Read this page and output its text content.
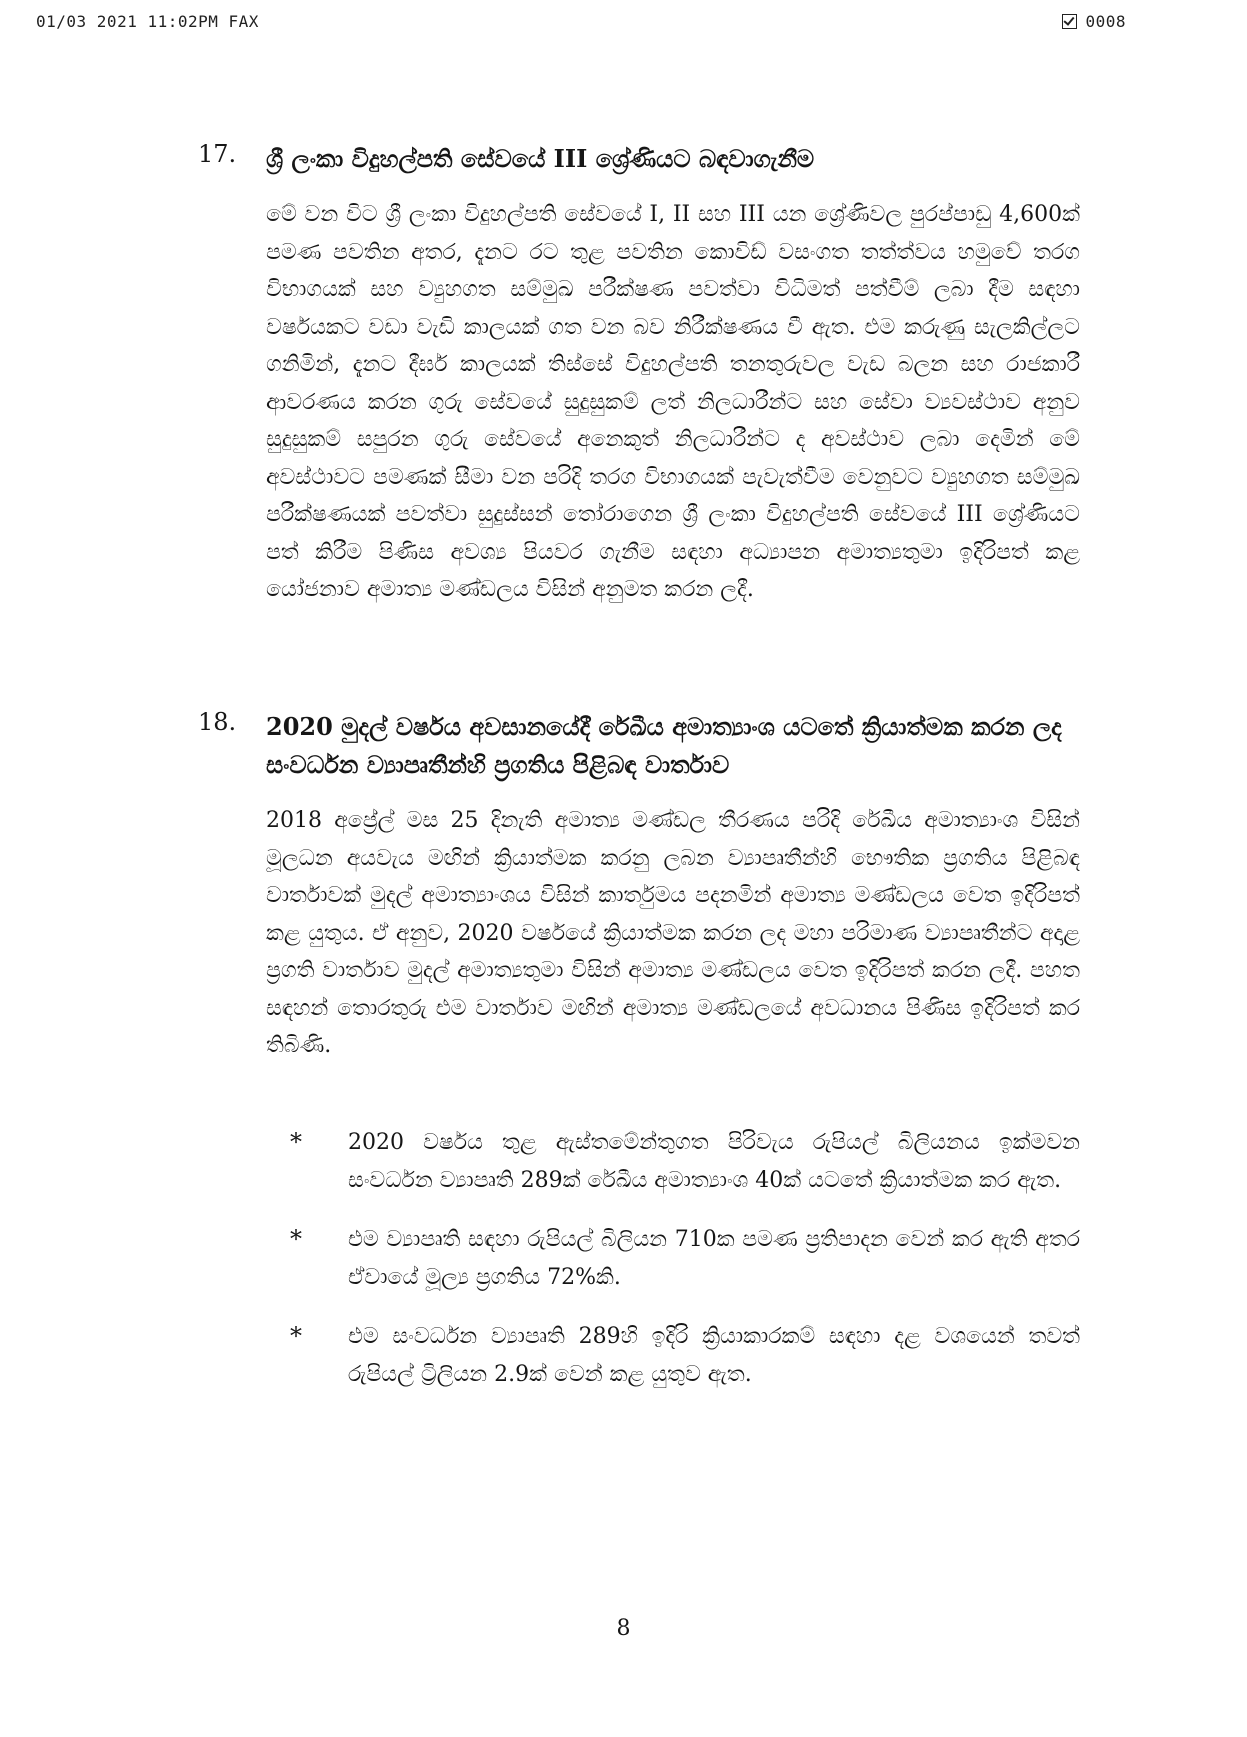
01/03 2021 11:02PM FAX	0008
17. ශ්‍රී ලංකා විදුහල්පති සේවයේ III ශ්‍රේණියට බඳවාගැනීම
මේ වන විට ශ්‍රී ලංකා විදුහල්පති සේවයේ I, II සහ III යන ශ්‍රේණිවල පුරප්පාඩු 4,600ක් පමණ පවතින අතර, දැනට රට තුළ පවතින කොවිඩ් වසංගත තත්ත්වය හමුවේ තරග විභාගයක් සහ ව්‍යුහගත සම්මුඛ පරීක්ෂණ පවත්වා විධිමත් පත්වීම් ලබා දීම සඳහා වර්ෂයකට වඩා වැඩි කාලයක් ගත වන බව නිරීක්ෂණය වී ඇත. එම කරුණු සැලකිල්ලට ගනිමින්, දැනට දීර්ඝ කාලයක් තිස්සේ විදුහල්පති තනතුරුවල වැඩ බලන සහ රාජකාරී ආවරණය කරන ගුරු සේවයේ සුදුසුකම් ලත් නිලධාරීන්ට සහ සේවා ව්‍යවස්ථාව අනුව සුදුසුකම් සපුරන ගුරු සේවයේ අනෙකුත් නිලධාරීන්ට ද අවස්ථාව ලබා දෙමින් මේ අවස්ථාවට පමණක් සීමා වන පරිදි තරග විභාගයක් පැවැත්වීම වෙනුවට ව්‍යුහගත සම්මුඛ පරීක්ෂණයක් පවත්වා සුදුස්සන් තෝරාගෙන ශ්‍රී ලංකා විදුහල්පති සේවයේ III ශ්‍රේණියට පත් කිරීම පිණිස අවශ්‍ය පියවර ගැනීම සඳහා අධ්‍යාපන අමාත්‍යතුමා ඉදිරිපත් කළ යෝජනාව අමාත්‍ය මණ්ඩලය විසින් අනුමත කරන ලදී.
18. 2020 මුදල් වර්ෂය අවසානයේදී රේඛීය අමාත්‍යාංශ යටතේ ක්‍රියාත්මක කරන ලද සංවර්ධන ව්‍යාපෘතීන්හි ප්‍රගතිය පිළිබඳ වාර්තාව
2018 අප්‍රේල් මස 25 දිනැති අමාත්‍ය මණ්ඩල තීරණය පරිදි රේඛීය අමාත්‍යාංශ විසින් මූලධන අයවැය මඟින් ක්‍රියාත්මක කරනු ලබන ව්‍යාපෘතීන්හි භෞතික ප්‍රගතිය පිළිබඳ වාර්තාවක් මුදල් අමාත්‍යාංශය විසින් කාර්තුමය පදනමින් අමාත්‍ය මණ්ඩලය වෙත ඉදිරිපත් කළ යුතුය. ඒ අනුව, 2020 වර්ෂයේ ක්‍රියාත්මක කරන ලද මහා පරිමාණ ව්‍යාපෘතීන්ට අදාළ ප්‍රගති වාර්තාව මුදල් අමාත්‍යතුමා විසින් අමාත්‍ය මණ්ඩලය වෙත ඉදිරිපත් කරන ලදී. පහත සඳහන් තොරතුරු එම වාර්තාව මඟින් අමාත්‍ය මණ්ඩලයේ අවධානය පිණිස ඉදිරිපත් කර තිබිණි.
* 2020 වර්ෂය තුළ ඇස්තමේන්තුගත පිරිවැය රුපියල් බිලියනය ඉක්මවන සංවර්ධන ව්‍යාපෘති 289ක් රේඛීය අමාත්‍යාංශ 40ක් යටතේ ක්‍රියාත්මක කර ඇත.
* එම ව්‍යාපෘති සඳහා රුපියල් බිලියන 710ක පමණ ප්‍රතිපාදන වෙන් කර ඇති අතර ඒවායේ මූල්‍ය ප්‍රගතිය 72%කි.
* එම සංවර්ධන ව්‍යාපෘති 289හි ඉදිරි ක්‍රියාකාරකම් සඳහා දළ වශයෙන් තවත් රුපියල් ට්‍රිලියන 2.9ක් වෙන් කළ යුතුව ඇත.
8
